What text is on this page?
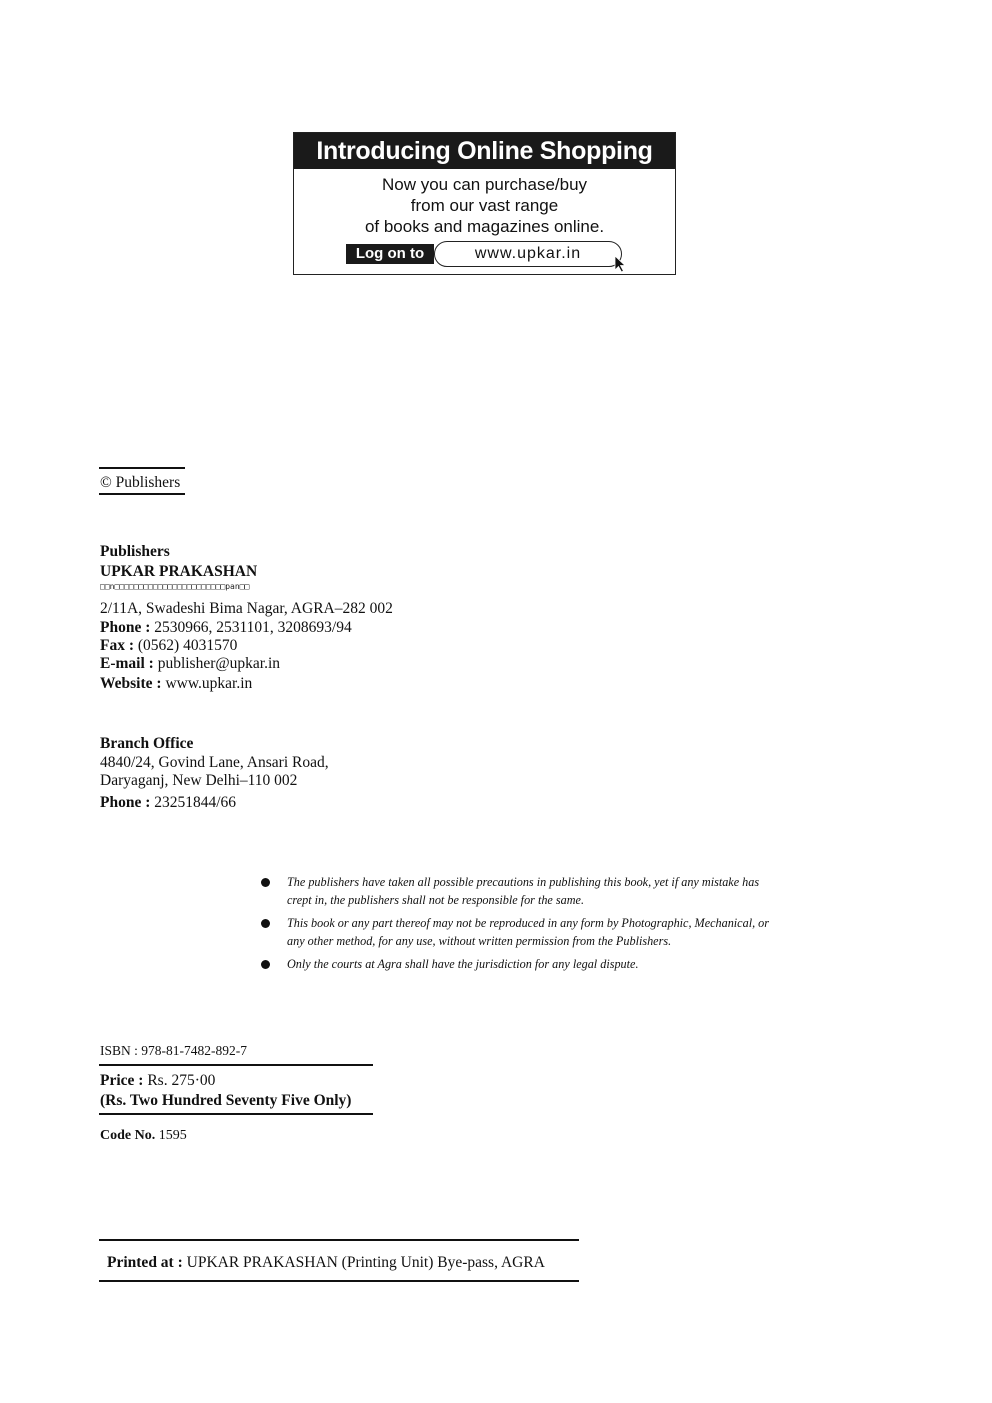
Introducing Online Shopping
Now you can purchase/buy
from our vast range
of books and magazines online.
Log on to	www.upkar.in
© Publishers
Publishers
UPKAR PRAKASHAN
□□n□□□□□□□□□□□□□□□□□□□□□□□pan□□
2/11A, Swadeshi Bima Nagar, AGRA–282 002
Phone : 2530966, 2531101, 3208693/94
Fax : (0562) 4031570
E-mail : publisher@upkar.in
Website : www.upkar.in
Branch Office
4840/24, Govind Lane, Ansari Road,
Daryaganj, New Delhi–110 002
Phone : 23251844/66
The publishers have taken all possible precautions in publishing this book, yet if any mistake has
crept in, the publishers shall not be responsible for the same.
This book or any part thereof may not be reproduced in any form by Photographic, Mechanical, or
any other method, for any use, without written permission from the Publishers.
Only the courts at Agra shall have the jurisdiction for any legal dispute.
ISBN : 978-81-7482-892-7
Price : Rs. 275·00
(Rs. Two Hundred Seventy Five Only)
Code No. 1595
Printed at : UPKAR PRAKASHAN (Printing Unit) Bye-pass, AGRA
